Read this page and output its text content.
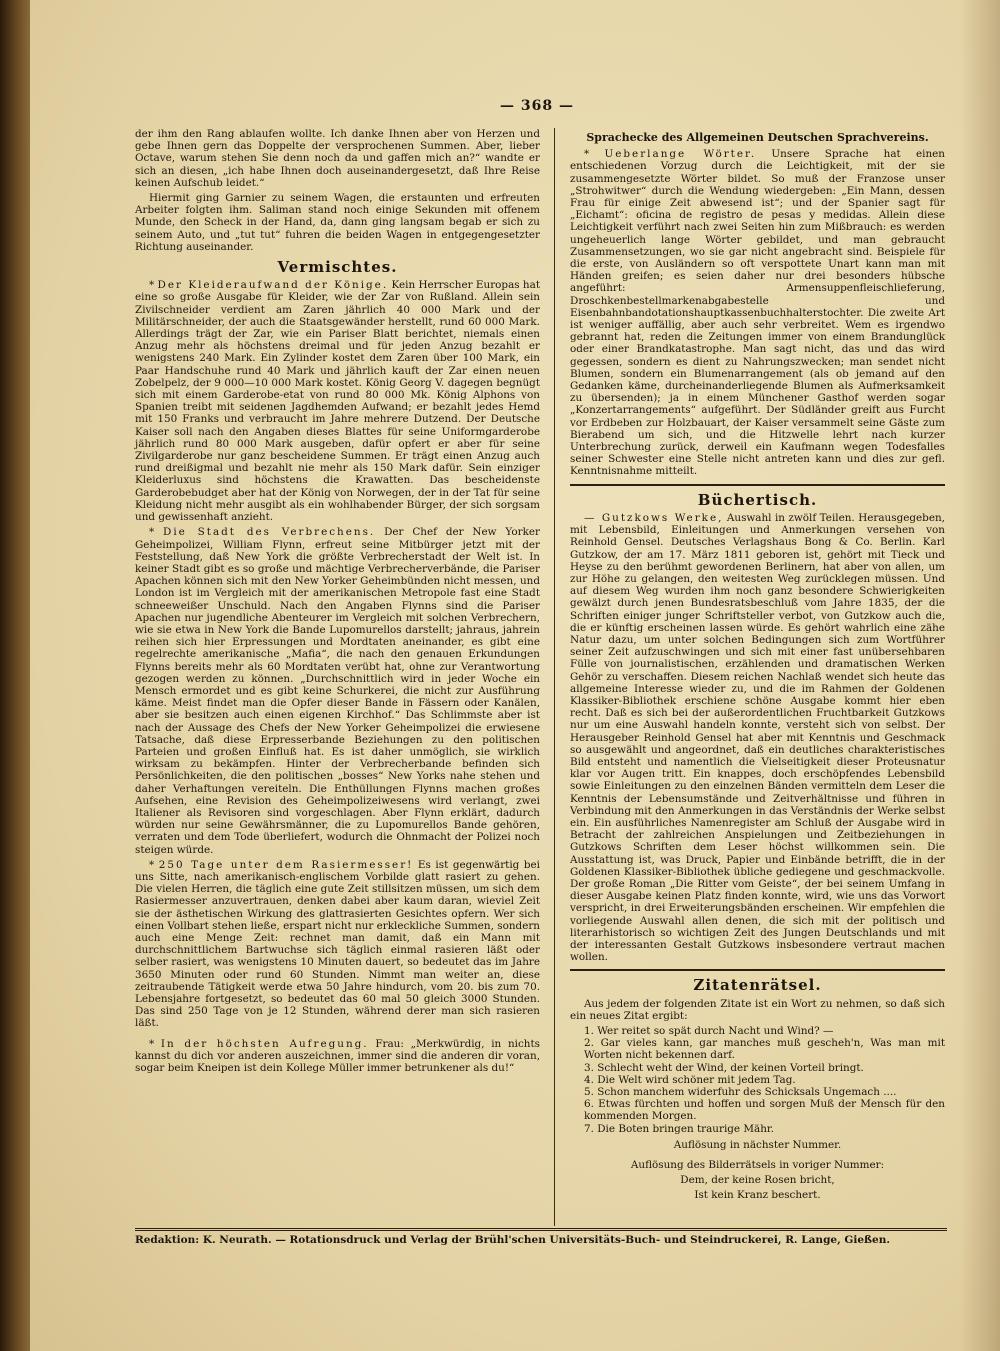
— 368 —

der ihm den Rang ablaufen wollte. Ich danke Ihnen aber von Herzen und gebe Ihnen gern das Doppelte der versprochenen Summen. Aber, lieber Octave, warum stehen Sie denn noch da und gaffen mich an?“ wandte er sich an diesen, „ich habe Ihnen doch auseinandergesetzt, daß Ihre Reise keinen Aufschub leidet.“

Hiermit ging Garnier zu seinem Wagen, die erstaunten und erfreuten Arbeiter folgten ihm. Saliman stand noch einige Sekunden mit offenem Munde, den Scheck in der Hand, da, dann ging langsam begab er sich zu seinem Auto, und „tut tut“ fuhren die beiden Wagen in entgegengesetzter Richtung auseinander.

Vermischtes.

* Der Kleideraufwand der Könige. Kein Herrscher Europas hat eine so große Ausgabe für Kleider, wie der Zar von Rußland. Allein sein Zivilschneider verdient am Zaren jährlich 40 000 Mark und der Militärschneider, der auch die Staatsgewänder herstellt, rund 60 000 Mark. Allerdings trägt der Zar, wie ein Pariser Blatt berichtet, niemals einen Anzug mehr als höchstens dreimal und für jeden Anzug bezahlt er wenigstens 240 Mark. Ein Zylinder kostet dem Zaren über 100 Mark, ein Paar Handschuhe rund 40 Mark und jährlich kauft der Zar einen neuen Zobelpelz, der 9 000—10 000 Mark kostet. König Georg V. dagegen begnügt sich mit einem Garderobe-etat von rund 80 000 Mk. König Alphons von Spanien treibt mit seidenen Jagdhemden Aufwand; er bezahlt jedes Hemd mit 150 Franks und verbraucht im Jahre mehrere Dutzend. Der Deutsche Kaiser soll nach den Angaben dieses Blattes für seine Uniformgarderobe jährlich rund 80 000 Mark ausgeben, dafür opfert er aber für seine Zivilgarderobe nur ganz bescheidene Summen. Er trägt einen Anzug auch rund dreißigmal und bezahlt nie mehr als 150 Mark dafür. Sein einziger Kleiderluxus sind höchstens die Krawatten. Das bescheidenste Garderobebudget aber hat der König von Norwegen, der in der Tat für seine Kleidung nicht mehr ausgibt als ein wohlhabender Bürger, der sich sorgsam und gewissenhaft anzieht.

* Die Stadt des Verbrechens. Der Chef der New Yorker Geheimpolizei, William Flynn, erfreut seine Mitbürger jetzt mit der Feststellung, daß New York die größte Verbrecherstadt der Welt ist. In keiner Stadt gibt es so große und mächtige Verbrecherverbände, die Pariser Apachen können sich mit den New Yorker Geheimbünden nicht messen, und London ist im Vergleich mit der amerikanischen Metropole fast eine Stadt schneeweißer Unschuld. Nach den Angaben Flynns sind die Pariser Apachen nur jugendliche Abenteurer im Vergleich mit solchen Verbrechern, wie sie etwa in New York die Bande Lupomurellos darstellt; jahraus, jahrein reihen sich hier Erpressungen und Mordtaten aneinander, es gibt eine regelrechte amerikanische „Mafia“, die nach den genauen Erkundungen Flynns bereits mehr als 60 Mordtaten verübt hat, ohne zur Verantwortung gezogen werden zu können. „Durchschnittlich wird in jeder Woche ein Mensch ermordet und es gibt keine Schurkerei, die nicht zur Ausführung käme. Meist findet man die Opfer dieser Bande in Fässern oder Kanälen, aber sie besitzen auch einen eigenen Kirchhof.“ Das Schlimmste aber ist nach der Aussage des Chefs der New Yorker Geheimpolizei die erwiesene Tatsache, daß diese Erpresserbande Beziehungen zu den politischen Parteien und großen Einfluß hat. Es ist daher unmöglich, sie wirklich wirksam zu bekämpfen. Hinter der Verbrecherbande befinden sich Persönlichkeiten, die den politischen „bosses“ New Yorks nahe stehen und daher Verhaftungen vereiteln. Die Enthüllungen Flynns machen großes Aufsehen, eine Revision des Geheimpolizeiwesens wird verlangt, zwei Italiener als Revisoren sind vorgeschlagen. Aber Flynn erklärt, dadurch würden nur seine Gewährsmänner, die zu Lupomurellos Bande gehören, verraten und dem Tode überliefert, wodurch die Ohnmacht der Polizei noch steigen würde.

* 250 Tage unter dem Rasiermesser! Es ist gegenwärtig bei uns Sitte, nach amerikanisch-englischem Vorbilde glatt rasiert zu gehen. Die vielen Herren, die täglich eine gute Zeit stillsitzen müssen, um sich dem Rasiermesser anzuvertrauen, denken dabei aber kaum daran, wieviel Zeit sie der ästhetischen Wirkung des glattrasierten Gesichtes opfern. Wer sich einen Vollbart stehen ließe, erspart nicht nur erkleckliche Summen, sondern auch eine Menge Zeit: rechnet man damit, daß ein Mann mit durchschnittlichem Bartwuchse sich täglich einmal rasieren läßt oder selber rasiert, was wenigstens 10 Minuten dauert, so bedeutet das im Jahre 3650 Minuten oder rund 60 Stunden. Nimmt man weiter an, diese zeitraubende Tätigkeit werde etwa 50 Jahre hindurch, vom 20. bis zum 70. Lebensjahre fortgesetzt, so bedeutet das 60 mal 50 gleich 3000 Stunden. Das sind 250 Tage von je 12 Stunden, während derer man sich rasieren läßt.

* In der höchsten Aufregung. Frau: „Merkwürdig, in nichts kannst du dich vor anderen auszeichnen, immer sind die anderen dir voran, sogar beim Kneipen ist dein Kollege Müller immer betrunkener als du!“

Sprachecke des Allgemeinen Deutschen Sprachvereins.

* Ueberlange Wörter. Unsere Sprache hat einen entschiedenen Vorzug durch die Leichtigkeit, mit der sie zusammengesetzte Wörter bildet. So muß der Franzose unser „Strohwitwer“ durch die Wendung wiedergeben: „Ein Mann, dessen Frau für einige Zeit abwesend ist“; und der Spanier sagt für „Eichamt“: oficina de registro de pesas y medidas. Allein diese Leichtigkeit verführt nach zwei Seiten hin zum Mißbrauch: es werden ungeheuerlich lange Wörter gebildet, und man gebraucht Zusammensetzungen, wo sie gar nicht angebracht sind. Beispiele für die erste, von Ausländern so oft verspottete Unart kann man mit Händen greifen; es seien daher nur drei besonders hübsche angeführt: Armensuppenfleischlieferung, Droschkenbestellmarkenabgabestelle und Eisenbahnbandotationshauptkassenbuchhalterstochter. Die zweite Art ist weniger auffällig, aber auch sehr verbreitet. Wem es irgendwo gebrannt hat, reden die Zeitungen immer von einem Brandunglück oder einer Brandkatastrophe. Man sagt nicht, das und das wird gegessen, sondern es dient zu Nahrungszwecken; man sendet nicht Blumen, sondern ein Blumenarrangement (als ob jemand auf den Gedanken käme, durcheinanderliegende Blumen als Aufmerksamkeit zu übersenden); ja in einem Münchener Gasthof werden sogar „Konzertarrangements“ aufgeführt. Der Südländer greift aus Furcht vor Erdbeben zur Holzbauart, der Kaiser versammelt seine Gäste zum Bierabend um sich, und die Hitzwelle lehrt nach kurzer Unterbrechung zurück, derweil ein Kaufmann wegen Todesfalles seiner Schwester eine Stelle nicht antreten kann und dies zur gefl. Kenntnisnahme mitteilt.

Büchertisch.

— Gutzkows Werke, Auswahl in zwölf Teilen. Herausgegeben, mit Lebensbild, Einleitungen und Anmerkungen versehen von Reinhold Gensel. Deutsches Verlagshaus Bong & Co. Berlin. Karl Gutzkow, der am 17. März 1811 geboren ist, gehört mit Tieck und Heyse zu den berühmt gewordenen Berlinern, hat aber von allen, um zur Höhe zu gelangen, den weitesten Weg zurücklegen müssen. Und auf diesem Weg wurden ihm noch ganz besondere Schwierigkeiten gewälzt durch jenen Bundesratsbeschluß vom Jahre 1835, der die Schriften einiger junger Schriftsteller verbot, von Gutzkow auch die, die er künftig erscheinen lassen würde. Es gehört wahrlich eine zähe Natur dazu, um unter solchen Bedingungen sich zum Wortführer seiner Zeit aufzuschwingen und sich mit einer fast unübersehbaren Fülle von journalistischen, erzählenden und dramatischen Werken Gehör zu verschaffen. Diesem reichen Nachlaß wendet sich heute das allgemeine Interesse wieder zu, und die im Rahmen der Goldenen Klassiker-Bibliothek erschiene schöne Ausgabe kommt hier eben recht. Daß es sich bei der außerordentlichen Fruchtbarkeit Gutzkows nur um eine Auswahl handeln konnte, versteht sich von selbst. Der Herausgeber Reinhold Gensel hat aber mit Kenntnis und Geschmack so ausgewählt und angeordnet, daß ein deutliches charakteristisches Bild entsteht und namentlich die Vielseitigkeit dieser Proteusnatur klar vor Augen tritt. Ein knappes, doch erschöpfendes Lebensbild sowie Einleitungen zu den einzelnen Bänden vermitteln dem Leser die Kenntnis der Lebensumstände und Zeitverhältnisse und führen in Verbindung mit den Anmerkungen in das Verständnis der Werke selbst ein. Ein ausführliches Namenregister am Schluß der Ausgabe wird in Betracht der zahlreichen Anspielungen und Zeitbeziehungen in Gutzkows Schriften dem Leser höchst willkommen sein. Die Ausstattung ist, was Druck, Papier und Einbände betrifft, die in der Goldenen Klassiker-Bibliothek übliche gediegene und geschmackvolle. Der große Roman „Die Ritter vom Geiste“, der bei seinem Umfang in dieser Ausgabe keinen Platz finden konnte, wird, wie uns das Vorwort verspricht, in drei Erweiterungsbänden erscheinen. Wir empfehlen die vorliegende Auswahl allen denen, die sich mit der politisch und literarhistorisch so wichtigen Zeit des Jungen Deutschlands und mit der interessanten Gestalt Gutzkows insbesondere vertraut machen wollen.

Zitatenrätsel.

Aus jedem der folgenden Zitate ist ein Wort zu nehmen, so daß sich ein neues Zitat ergibt:

1. Wer reitet so spät durch Nacht und Wind? —
2. Gar vieles kann, gar manches muß gescheh'n, Was man mit Worten nicht bekennen darf.
3. Schlecht weht der Wind, der keinen Vorteil bringt.
4. Die Welt wird schöner mit jedem Tag.
5. Schon manchem widerfuhr des Schicksals Ungemach ....
6. Etwas fürchten und hoffen und sorgen Muß der Mensch für den kommenden Morgen.
7. Die Boten bringen traurige Mähr.

Auflösung in nächster Nummer.

Auflösung des Bilderrätsels in voriger Nummer:

Dem, der keine Rosen bricht,

Ist kein Kranz beschert.

Redaktion: K. Neurath. — Rotationsdruck und Verlag der Brühl'schen Universitäts-Buch- und Steindruckerei, R. Lange, Gießen.
